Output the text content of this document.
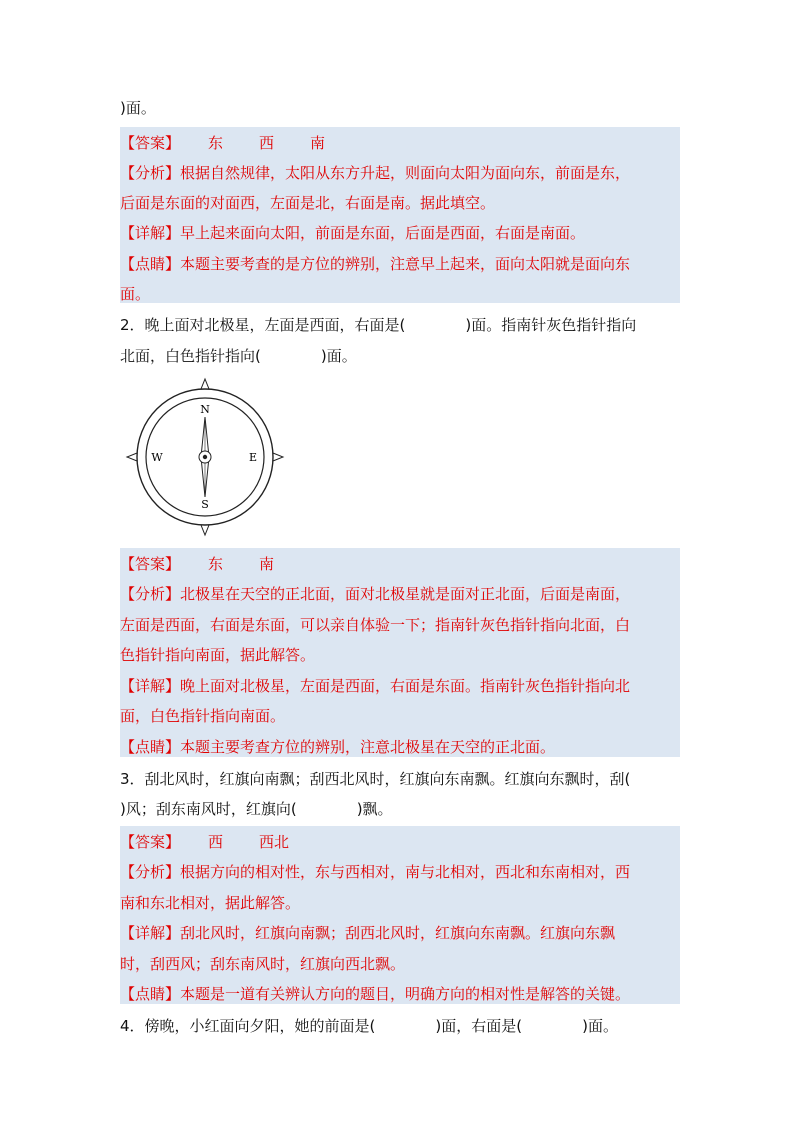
)面。
【答案】 东 西 南
【分析】根据自然规律，太阳从东方升起，则面向太阳为面向东，前面是东，
后面是东面的对面西，左面是北，右面是南。据此填空。
【详解】早上起来面向太阳，前面是东面，后面是西面，右面是南面。
【点睛】本题主要考查的是方位的辨别，注意早上起来，面向太阳就是面向东
面。
2．晚上面对北极星，左面是西面，右面是(　　　　)面。指南针灰色指针指向
北面，白色指针指向(　　　　)面。
N
S
W	E
【答案】 东 南
【分析】北极星在天空的正北面，面对北极星就是面对正北面，后面是南面，
左面是西面，右面是东面，可以亲自体验一下；指南针灰色指针指向北面，白
色指针指向南面，据此解答。
【详解】晚上面对北极星，左面是西面，右面是东面。指南针灰色指针指向北
面，白色指针指向南面。
【点睛】本题主要考查方位的辨别，注意北极星在天空的正北面。
3．刮北风时，红旗向南飘；刮西北风时，红旗向东南飘。红旗向东飘时，刮(
)风；刮东南风时，红旗向(　　　　)飘。
【答案】 西 西北
【分析】根据方向的相对性，东与西相对，南与北相对，西北和东南相对，西
南和东北相对，据此解答。
【详解】刮北风时，红旗向南飘；刮西北风时，红旗向东南飘。红旗向东飘
时，刮西风；刮东南风时，红旗向西北飘。
【点睛】本题是一道有关辨认方向的题目，明确方向的相对性是解答的关键。
4．傍晚，小红面向夕阳，她的前面是(　　　　)面，右面是(　　　　)面。
